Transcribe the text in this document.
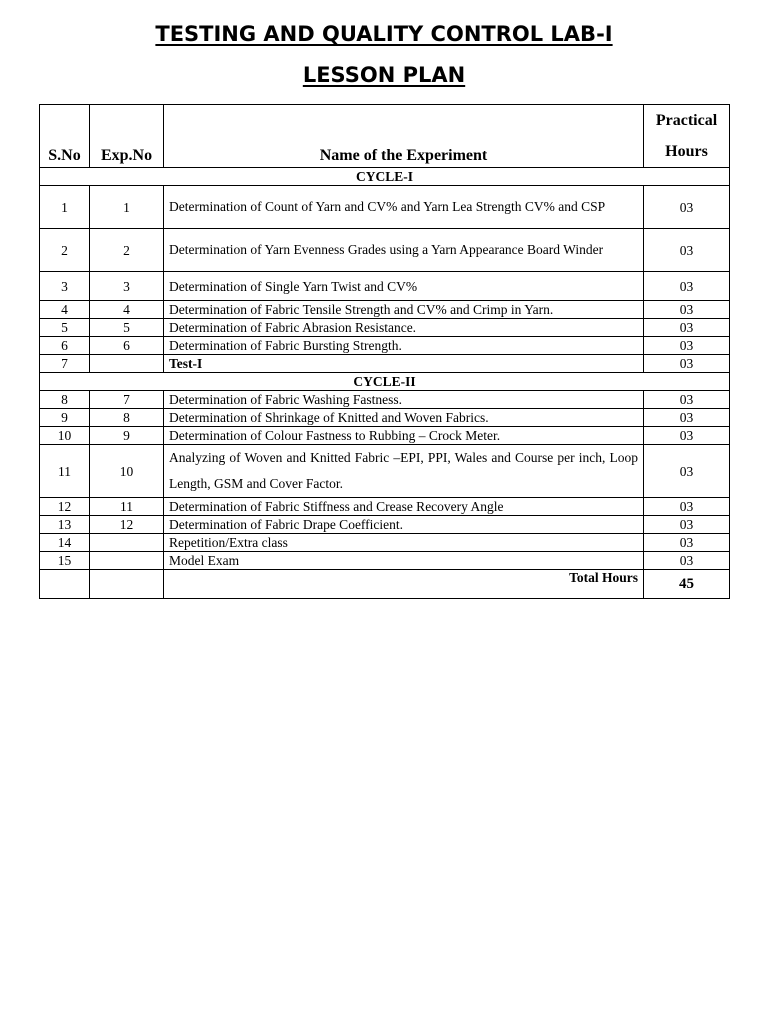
TESTING AND QUALITY CONTROL LAB-I
LESSON PLAN
S.No	Exp.No	Name of the Experiment	Practical
Hours

CYCLE-I			
1	1	Determination of Count of Yarn and CV% and Yarn Lea Strength CV% and CSP	03
2	2	Determination of Yarn Evenness Grades using a Yarn Appearance Board Winder	03
3	3	Determination of Single Yarn Twist and CV%	03
4	4	Determination of Fabric Tensile Strength and CV% and Crimp in Yarn.	03
5	5	Determination of Fabric Abrasion Resistance.	03
6	6	Determination of Fabric Bursting Strength.	03
7		Test-I	03
CYCLE-II			
8	7	Determination of Fabric Washing Fastness.	03
9	8	Determination of Shrinkage of Knitted and Woven Fabrics.	03
10	9	Determination of Colour Fastness to Rubbing – Crock Meter.	03
11	10	Analyzing of Woven and Knitted Fabric –EPI, PPI, Wales and Course per inch, Loop Length, GSM and Cover Factor.	03
12	11	Determination of Fabric Stiffness and Crease Recovery Angle	03
13	12	Determination of Fabric Drape Coefficient.	03
14		Repetition/Extra class	03
15		Model Exam	03
		Total Hours	45
